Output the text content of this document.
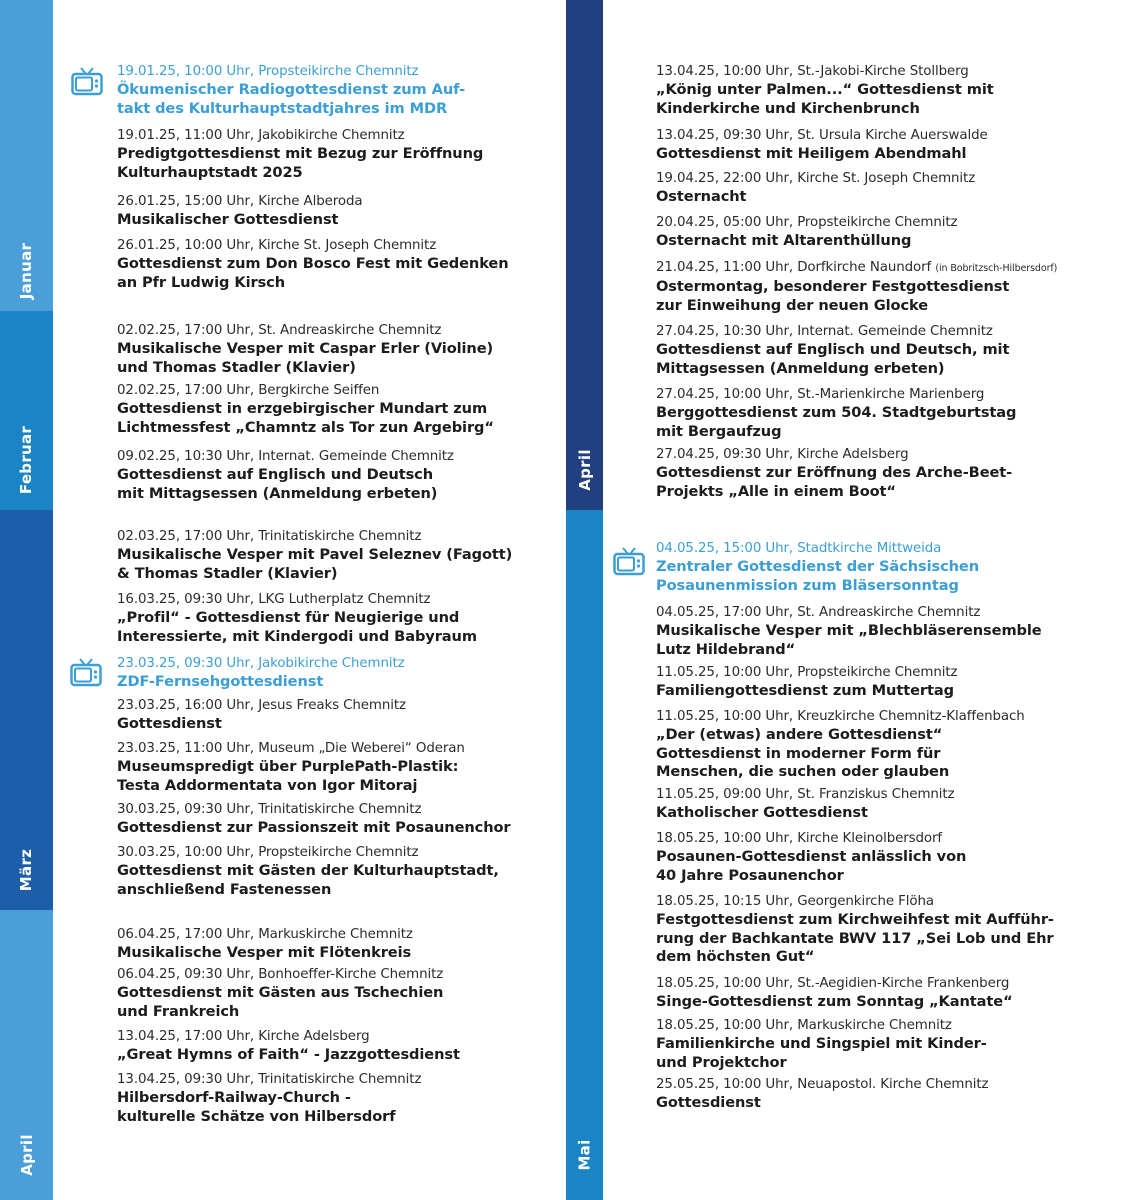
Januar
Februar
März
April
April
Mai
19.01.25, 10:00 Uhr, Propsteikirche Chemnitz
Ökumenischer Radiogottesdienst zum Auf-
takt des Kulturhauptstadtjahres im MDR
19.01.25, 11:00 Uhr, Jakobikirche Chemnitz
Predigtgottesdienst mit Bezug zur Eröffnung
Kulturhauptstadt 2025
26.01.25, 15:00 Uhr, Kirche Alberoda
Musikalischer Gottesdienst
26.01.25, 10:00 Uhr, Kirche St. Joseph Chemnitz
Gottesdienst zum Don Bosco Fest mit Gedenken
an Pfr Ludwig Kirsch
02.02.25, 17:00 Uhr, St. Andreaskirche Chemnitz
Musikalische Vesper mit Caspar Erler (Violine)
und Thomas Stadler (Klavier)
02.02.25, 17:00 Uhr, Bergkirche Seiffen
Gottesdienst in erzgebirgischer Mundart zum
Lichtmessfest „Chamntz als Tor zun Argebirg“
09.02.25, 10:30 Uhr, Internat. Gemeinde Chemnitz
Gottesdienst auf Englisch und Deutsch
mit Mittagsessen (Anmeldung erbeten)
02.03.25, 17:00 Uhr, Trinitatiskirche Chemnitz
Musikalische Vesper mit Pavel Seleznev (Fagott)
& Thomas Stadler (Klavier)
16.03.25, 09:30 Uhr, LKG Lutherplatz Chemnitz
„Profil“ - Gottesdienst für Neugierige und
Interessierte, mit Kindergodi und Babyraum
23.03.25, 09:30 Uhr, Jakobikirche Chemnitz
ZDF-Fernsehgottesdienst
23.03.25, 16:00 Uhr, Jesus Freaks Chemnitz
Gottesdienst
23.03.25, 11:00 Uhr, Museum „Die Weberei“ Oderan
Museumspredigt über PurplePath-Plastik:
Testa Addormentata von Igor Mitoraj
30.03.25, 09:30 Uhr, Trinitatiskirche Chemnitz
Gottesdienst zur Passionszeit mit Posaunenchor
30.03.25, 10:00 Uhr, Propsteikirche Chemnitz
Gottesdienst mit Gästen der Kulturhauptstadt,
anschließend Fastenessen
06.04.25, 17:00 Uhr, Markuskirche Chemnitz
Musikalische Vesper mit Flötenkreis
06.04.25, 09:30 Uhr, Bonhoeffer-Kirche Chemnitz
Gottesdienst mit Gästen aus Tschechien
und Frankreich
13.04.25, 17:00 Uhr, Kirche Adelsberg
„Great Hymns of Faith“ - Jazzgottesdienst
13.04.25, 09:30 Uhr, Trinitatiskirche Chemnitz
Hilbersdorf-Railway-Church -
kulturelle Schätze von Hilbersdorf
13.04.25, 10:00 Uhr, St.-Jakobi-Kirche Stollberg
„König unter Palmen...“ Gottesdienst mit
Kinderkirche und Kirchenbrunch
13.04.25, 09:30 Uhr, St. Ursula Kirche Auerswalde
Gottesdienst mit Heiligem Abendmahl
19.04.25, 22:00 Uhr, Kirche St. Joseph Chemnitz
Osternacht
20.04.25, 05:00 Uhr, Propsteikirche Chemnitz
Osternacht mit Altarenthüllung
21.04.25, 11:00 Uhr, Dorfkirche Naundorf (in Bobritzsch-Hilbersdorf)
Ostermontag, besonderer Festgottesdienst
zur Einweihung der neuen Glocke
27.04.25, 10:30 Uhr, Internat. Gemeinde Chemnitz
Gottesdienst auf Englisch und Deutsch, mit
Mittagsessen (Anmeldung erbeten)
27.04.25, 10:00 Uhr, St.-Marienkirche Marienberg
Berggottesdienst zum 504. Stadtgeburtstag
mit Bergaufzug
27.04.25, 09:30 Uhr, Kirche Adelsberg
Gottesdienst zur Eröffnung des Arche-Beet-
Projekts „Alle in einem Boot“
04.05.25, 15:00 Uhr, Stadtkirche Mittweida
Zentraler Gottesdienst der Sächsischen
Posaunenmission zum Bläsersonntag
04.05.25, 17:00 Uhr, St. Andreaskirche Chemnitz
Musikalische Vesper mit „Blechbläserensemble
Lutz Hildebrand“
11.05.25, 10:00 Uhr, Propsteikirche Chemnitz
Familiengottesdienst zum Muttertag
11.05.25, 10:00 Uhr, Kreuzkirche Chemnitz-Klaffenbach
„Der (etwas) andere Gottesdienst“
Gottesdienst in moderner Form für
Menschen, die suchen oder glauben
11.05.25, 09:00 Uhr, St. Franziskus Chemnitz
Katholischer Gottesdienst
18.05.25, 10:00 Uhr, Kirche Kleinolbersdorf
Posaunen-Gottesdienst anlässlich von
40 Jahre Posaunenchor
18.05.25, 10:15 Uhr, Georgenkirche Flöha
Festgottesdienst zum Kirchweihfest mit Aufführ-
rung der Bachkantate BWV 117 „Sei Lob und Ehr
dem höchsten Gut“
18.05.25, 10:00 Uhr, St.-Aegidien-Kirche Frankenberg
Singe-Gottesdienst zum Sonntag „Kantate“
18.05.25, 10:00 Uhr, Markuskirche Chemnitz
Familienkirche und Singspiel mit Kinder-
und Projektchor
25.05.25, 10:00 Uhr, Neuapostol. Kirche Chemnitz
Gottesdienst
